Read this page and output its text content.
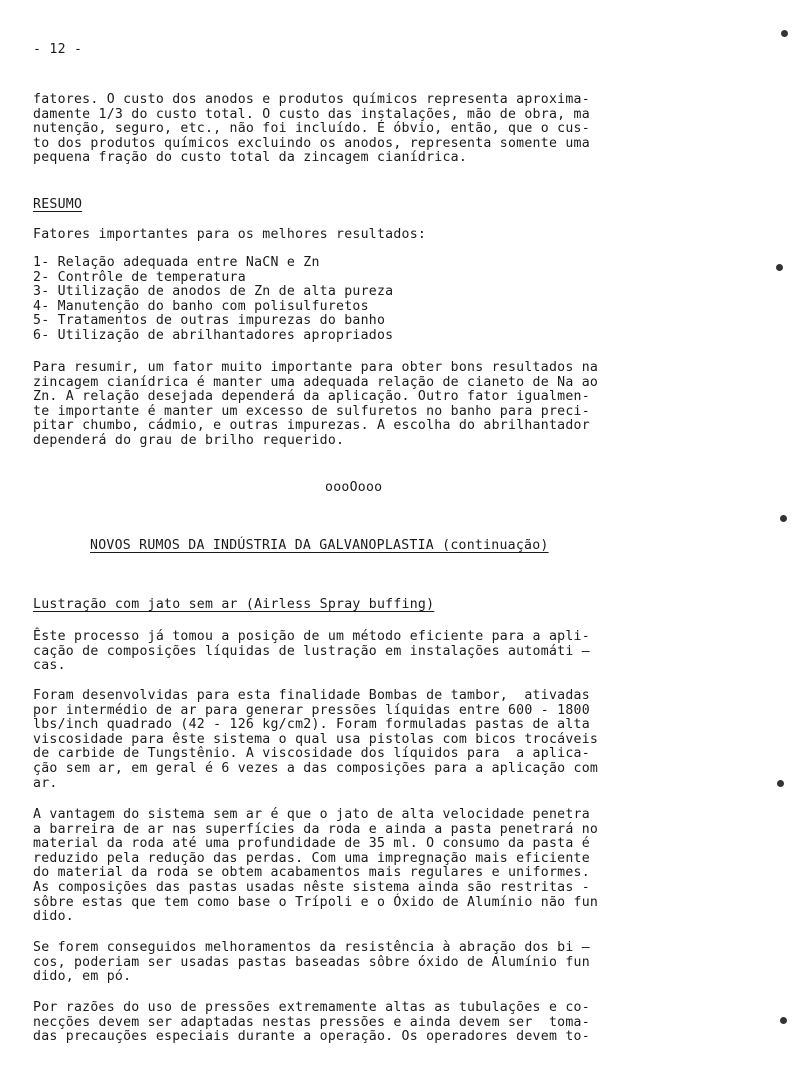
- 12 -
fatores. O custo dos anodos e produtos químicos representa aproxima-
damente 1/3 do custo total. O custo das instalações, mão de obra, ma
nutenção, seguro, etc., não foi incluído. É óbvio, então, que o cus-
to dos produtos químicos excluindo os anodos, representa somente uma
pequena fração do custo total da zincagem cianídrica.
RESUMO
Fatores importantes para os melhores resultados:
1- Relação adequada entre NaCN e Zn
2- Contrôle de temperatura
3- Utilização de anodos de Zn de alta pureza
4- Manutenção do banho com polisulfuretos
5- Tratamentos de outras impurezas do banho
6- Utilização de abrilhantadores apropriados
Para resumir, um fator muito importante para obter bons resultados na
zincagem cianídrica é manter uma adequada relação de cianeto de Na ao
Zn. A relação desejada dependerá da aplicação. Outro fator igualmen-
te importante é manter um excesso de sulfuretos no banho para preci-
pitar chumbo, cádmio, e outras impurezas. A escolha do abrilhantador
dependerá do grau de brilho requerido.
oooOooo
NOVOS RUMOS DA INDÚSTRIA DA GALVANOPLASTIA (continuação)
Lustração com jato sem ar (Airless Spray buffing)
Êste processo já tomou a posição de um método eficiente para a apli-
cação de composições líquidas de lustração em instalações automáti —
cas.
Foram desenvolvidas para esta finalidade Bombas de tambor,  ativadas
por intermédio de ar para generar pressões líquidas entre 600 - 1800
lbs/inch quadrado (42 - 126 kg/cm2). Foram formuladas pastas de alta
viscosidade para êste sistema o qual usa pistolas com bicos trocáveis
de carbide de Tungstênio. A viscosidade dos líquidos para  a aplica-
ção sem ar, em geral é 6 vezes a das composições para a aplicação com
ar.
A vantagem do sistema sem ar é que o jato de alta velocidade penetra
a barreira de ar nas superfícies da roda e ainda a pasta penetrará no
material da roda até uma profundidade de 35 ml. O consumo da pasta é
reduzido pela redução das perdas. Com uma impregnação mais eficiente
do material da roda se obtem acabamentos mais regulares e uniformes.
As composições das pastas usadas nêste sistema ainda são restritas -
sôbre estas que tem como base o Trípoli e o Óxido de Alumínio não fun
dido.
Se forem conseguidos melhoramentos da resistência à abração dos bi —
cos, poderiam ser usadas pastas baseadas sôbre óxido de Alumínio fun
dido, em pó.
Por razões do uso de pressões extremamente altas as tubulações e co-
necções devem ser adaptadas nestas pressões e ainda devem ser  toma-
das precauções especiais durante a operação. Os operadores devem to-
